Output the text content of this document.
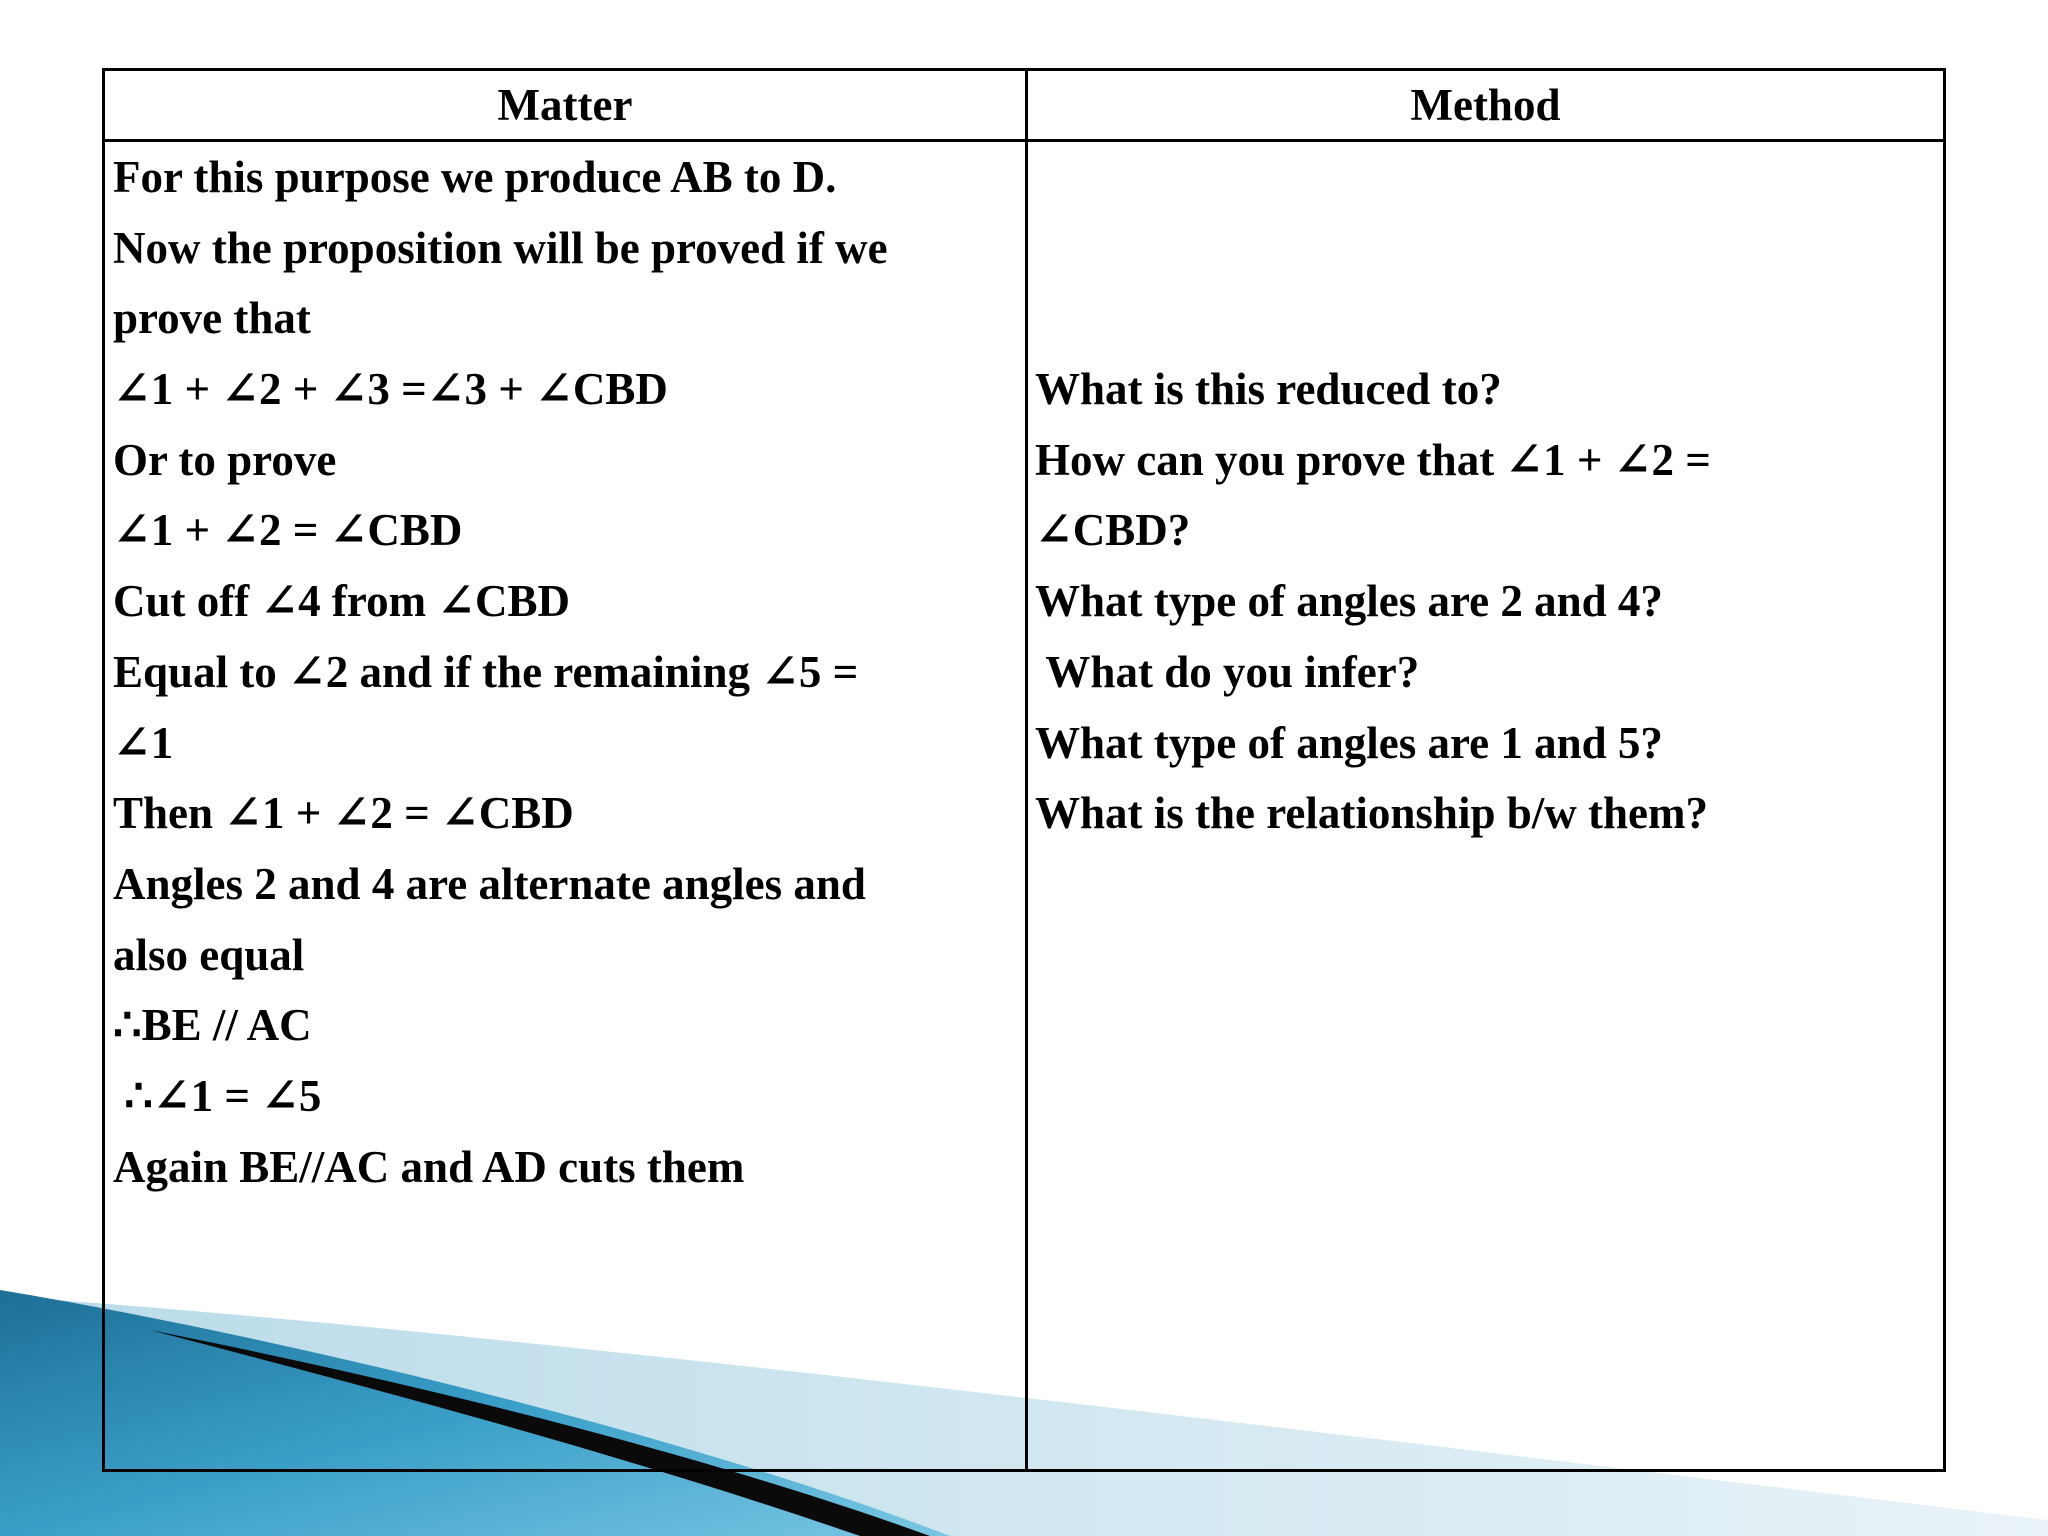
Matter	Method
For this purpose we produce AB to D.
Now the proposition will be proved if we
prove that
∠1 + ∠2 + ∠3 =∠3 + ∠CBD
Or to prove
∠1 + ∠2 = ∠CBD
Cut off ∠4 from ∠CBD
Equal to ∠2 and if the remaining ∠5 =
∠1
Then ∠1 + ∠2 = ∠CBD
Angles 2 and 4 are alternate angles and
also equal
∴BE // AC
∴∠1 = ∠5
Again BE//AC and AD cuts them
What is this reduced to?
How can you prove that ∠1 + ∠2 =
∠CBD?
What type of angles are 2 and 4?
What do you infer?
What type of angles are 1 and 5?
What is the relationship b/w them?
